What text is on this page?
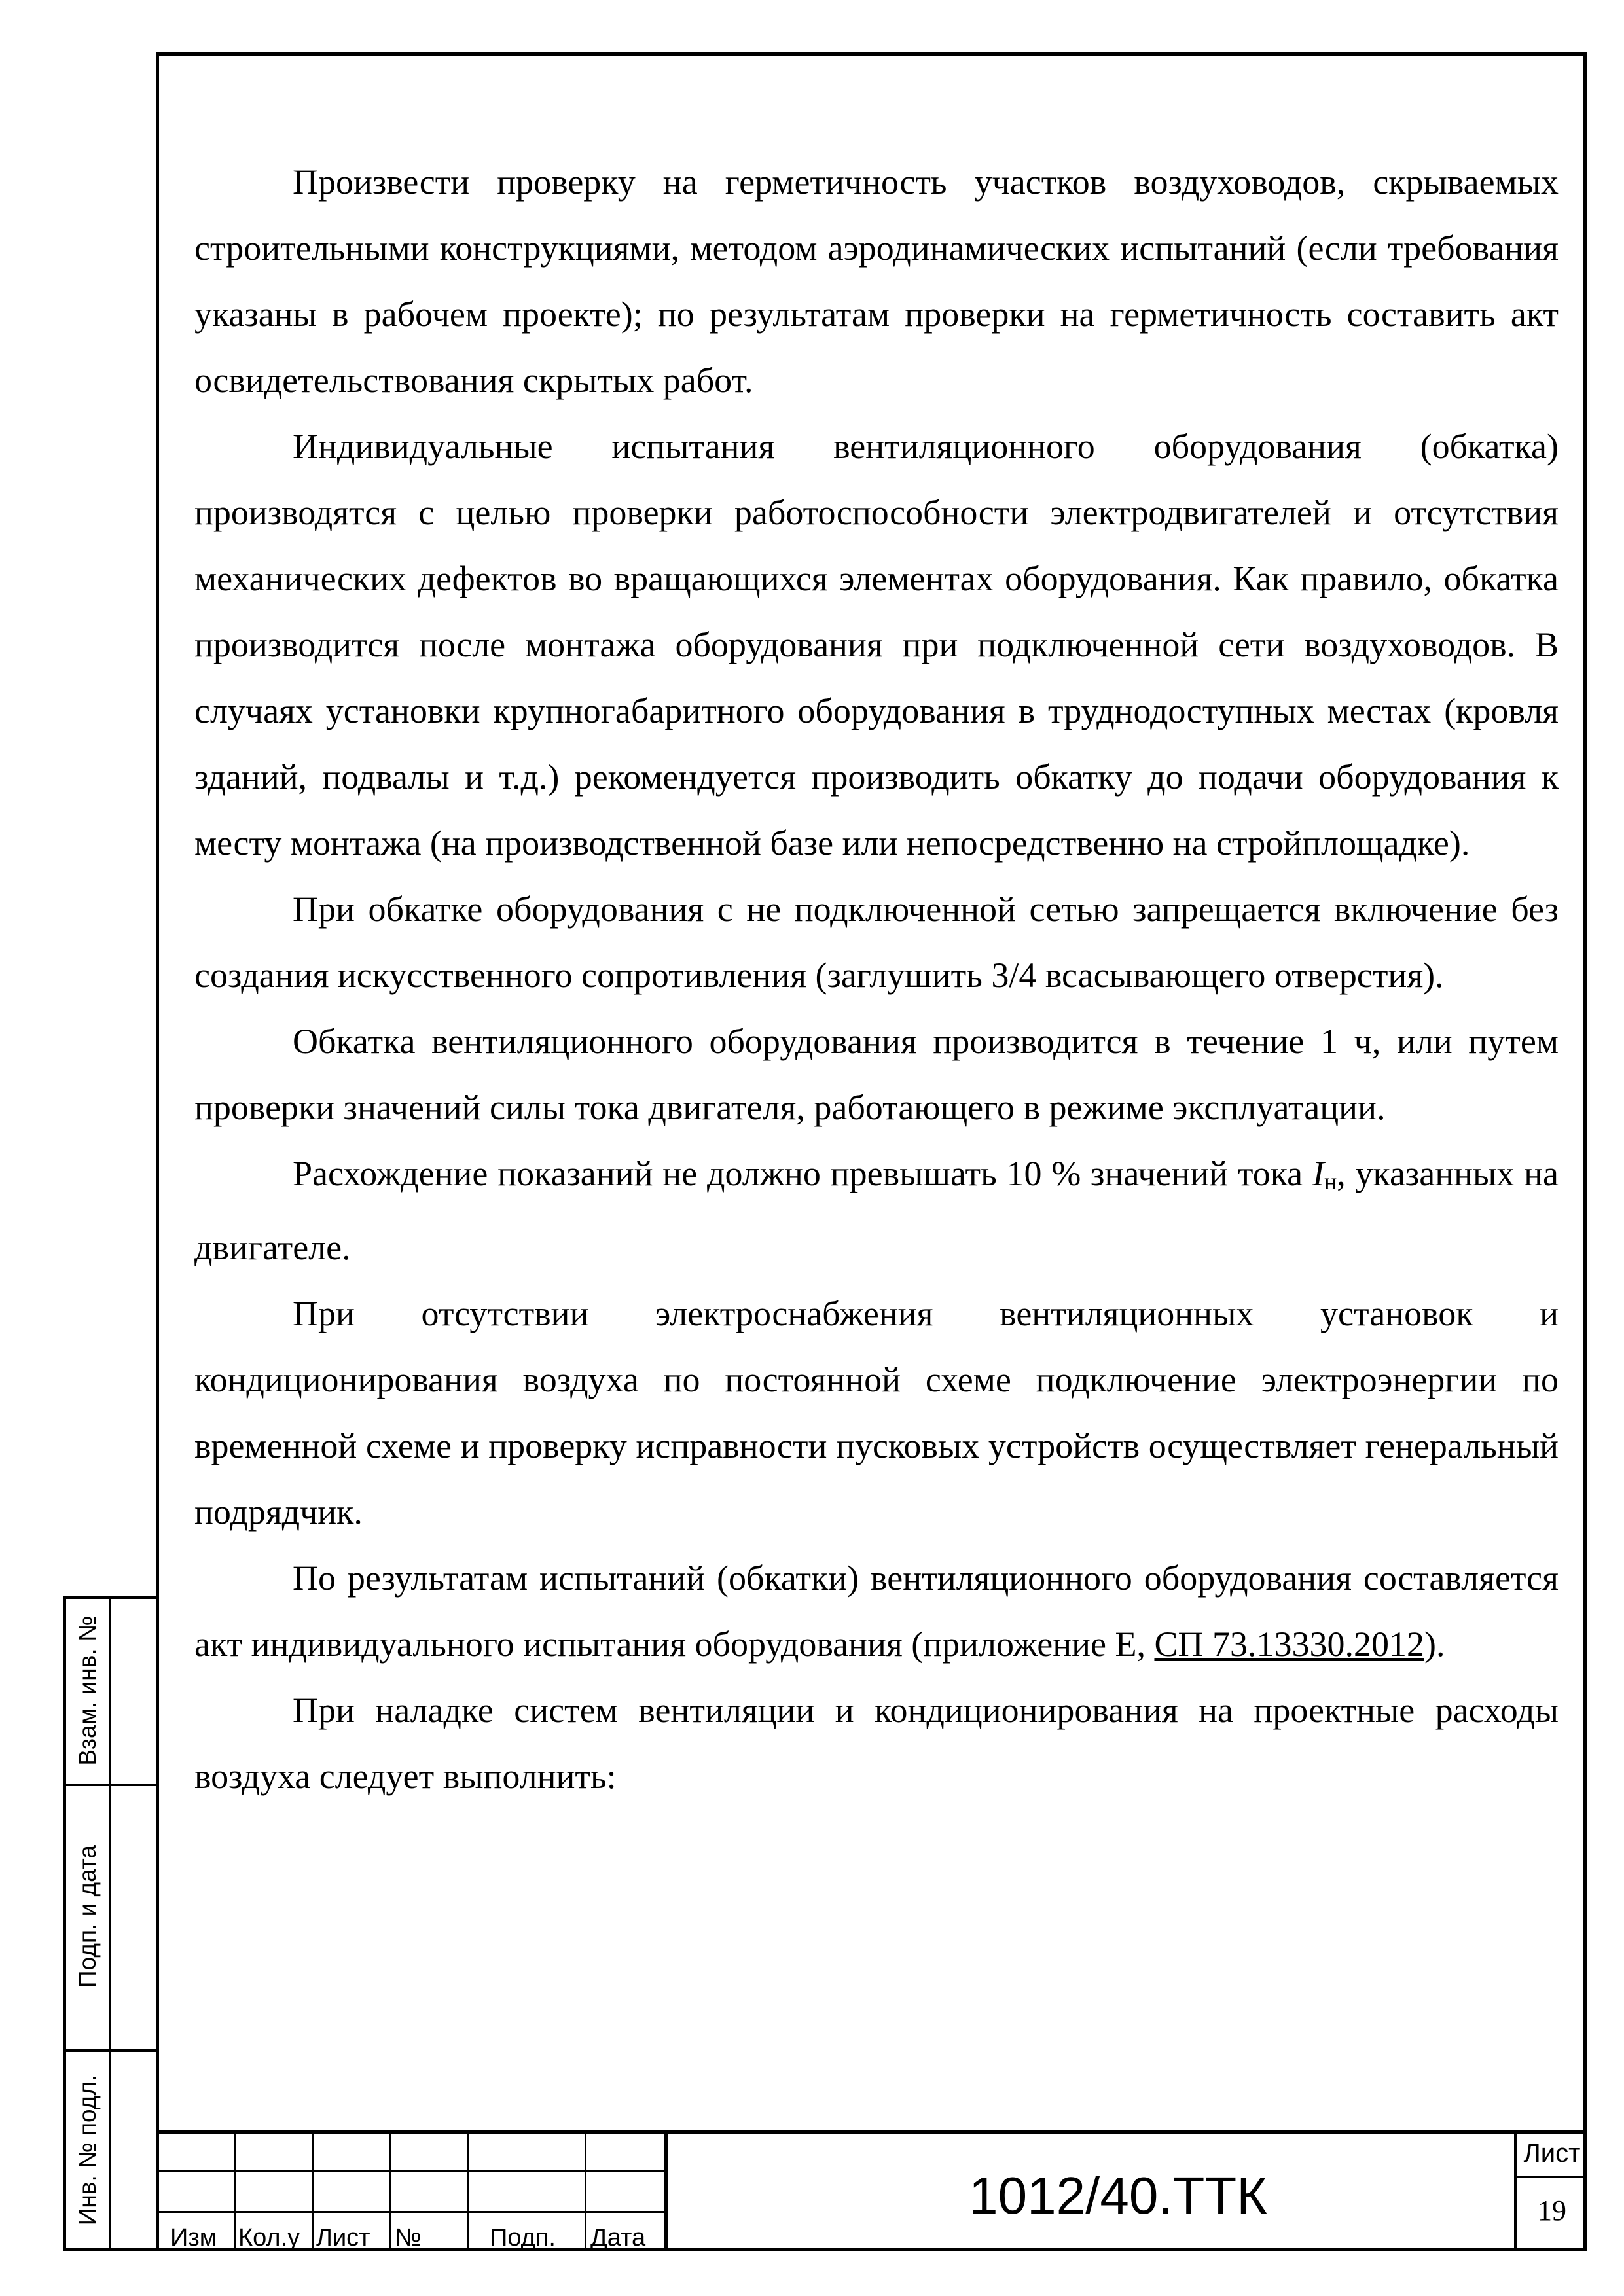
Произвести проверку на герметичность участков воздуховодов, скрываемых строительными конструкциями, методом аэродинамических испытаний (если требования указаны в рабочем проекте); по результатам проверки на герметичность составить акт освидетельствования скрытых работ.

Индивидуальные испытания вентиляционного оборудования (обкатка) производятся с целью проверки работоспособности электродвигателей и отсутствия механических дефектов во вращающихся элементах оборудования. Как правило, обкатка производится после монтажа оборудования при подключенной сети воздуховодов. В случаях установки крупногабаритного оборудования в труднодоступных местах (кровля зданий, подвалы и т.д.) рекомендуется производить обкатку до подачи оборудования к месту монтажа (на производственной базе или непосредственно на стройплощадке).

При обкатке оборудования с не подключенной сетью запрещается включение без создания искусственного сопротивления (заглушить 3/4 всасывающего отверстия).

Обкатка вентиляционного оборудования производится в течение 1 ч, или путем проверки значений силы тока двигателя, работающего в режиме эксплуатации.

Расхождение показаний не должно превышать 10 % значений тока Iн, указанных на двигателе.

При отсутствии электроснабжения вентиляционных установок и кондиционирования воздуха по постоянной схеме подключение электроэнергии по временной схеме и проверку исправности пусковых устройств осуществляет генеральный подрядчик.

По результатам испытаний (обкатки) вентиляционного оборудования составляется акт индивидуального испытания оборудования (приложение Е, СП 73.13330.2012).

При наладке систем вентиляции и кондиционирования на проектные расходы воздуха следует выполнить:

Взам. инв. №
Подп. и дата
Инв. № подл.
Изм Кол.у Лист №	Подп. Дата
1012/40.ТТК
Лист
19
